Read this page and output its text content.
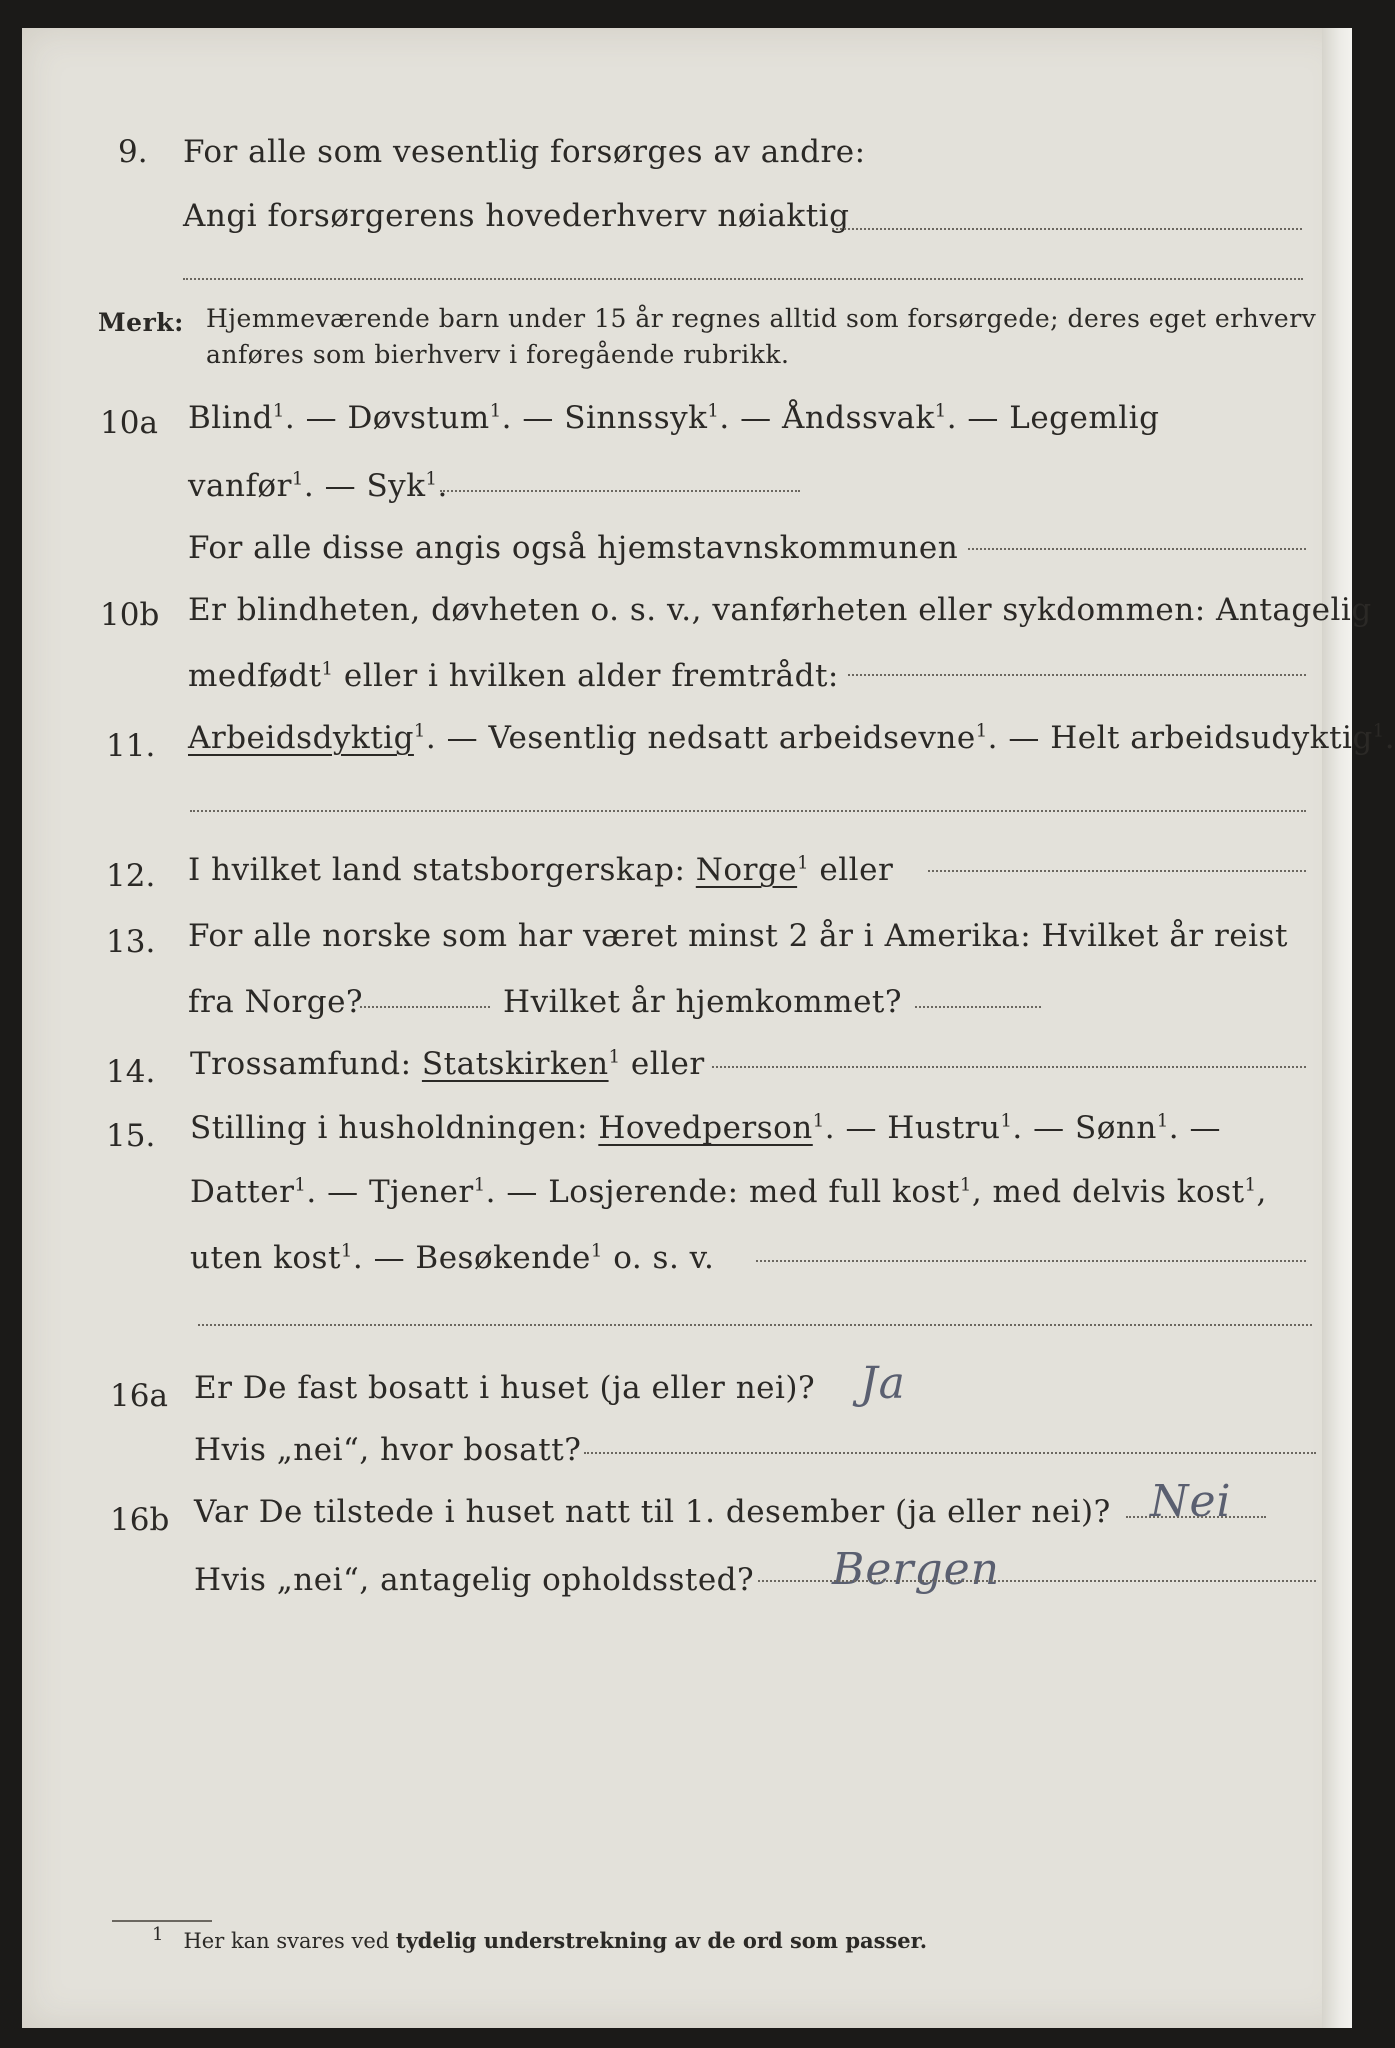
9. For alle som vesentlig forsørges av andre:
Angi forsørgerens hovederhverv nøiaktig
Merk: Hjemmeværende barn under 15 år regnes alltid som forsørgede; deres eget erhverv
anføres som bierhverv i foregående rubrikk.
10a Blind$^1$. — Døvstum$^1$. — Sinnssyk$^1$. — Åndssvak$^1$. — Legemlig
vanfør$^1$. — Syk$^1$.
For alle disse angis også hjemstavnskommunen
10b Er blindheten, døvheten o. s. v., vanførheten eller sykdommen: Antagelig
medfødt$^1$ eller i hvilken alder fremtrådt:
11. Arbeidsdyktig$^1$. — Vesentlig nedsatt arbeidsevne$^1$. — Helt arbeidsudyktig$^1$.
12. I hvilket land statsborgerskap: Norge$^1$ eller
13. For alle norske som har været minst 2 år i Amerika: Hvilket år reist
fra Norge?	Hvilket år hjemkommet?
14. Trossamfund: Statskirken$^1$ eller
15. Stilling i husholdningen: Hovedperson$^1$. — Hustru$^1$. — Sønn$^1$. —
Datter$^1$. — Tjener$^1$. — Losjerende: med full kost$^1$, med delvis kost$^1$,
uten kost$^1$. — Besøkende$^1$ o. s. v.
16a Er De fast bosatt i huset (ja eller nei)? Ja
Hvis „nei“, hvor bosatt?
16b Var De tilstede i huset natt til 1. desember (ja eller nei)? Nei
Hvis „nei“, antagelig opholdssted? Bergen
1 Her kan svares ved tydelig understrekning av de ord som passer.
